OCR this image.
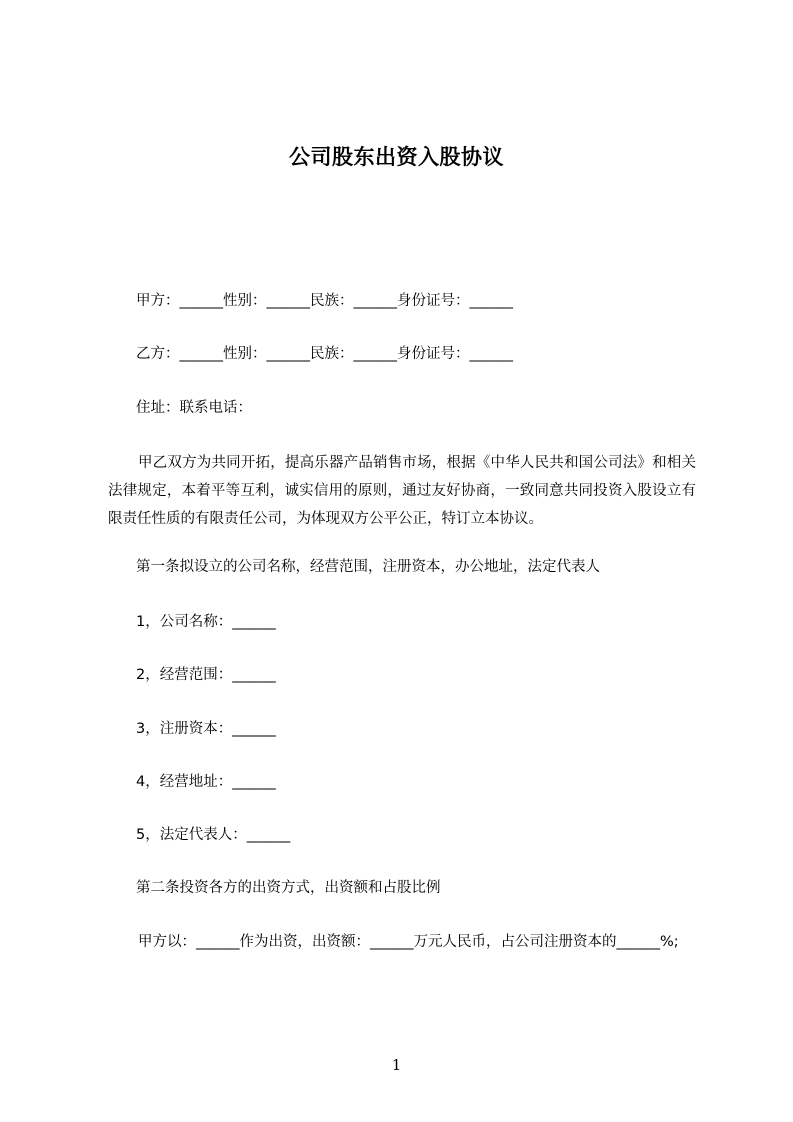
公司股东出资入股协议
甲方：______性别：______民族：______身份证号：______
乙方：______性别：______民族：______身份证号：______
住址：联系电话：
甲乙双方为共同开拓，提高乐器产品销售市场，根据《中华人民共和国公司法》和相关法律规定，本着平等互利，诚实信用的原则，通过友好协商，一致同意共同投资入股设立有限责任性质的有限责任公司，为体现双方公平公正，特订立本协议。
第一条拟设立的公司名称，经营范围，注册资本，办公地址，法定代表人
1，公司名称：______
2，经营范围：______
3，注册资本：______
4，经营地址：______
5，法定代表人：______
第二条投资各方的出资方式，出资额和占股比例
甲方以：______作为出资，出资额：______万元人民币，占公司注册资本的______%;
1
